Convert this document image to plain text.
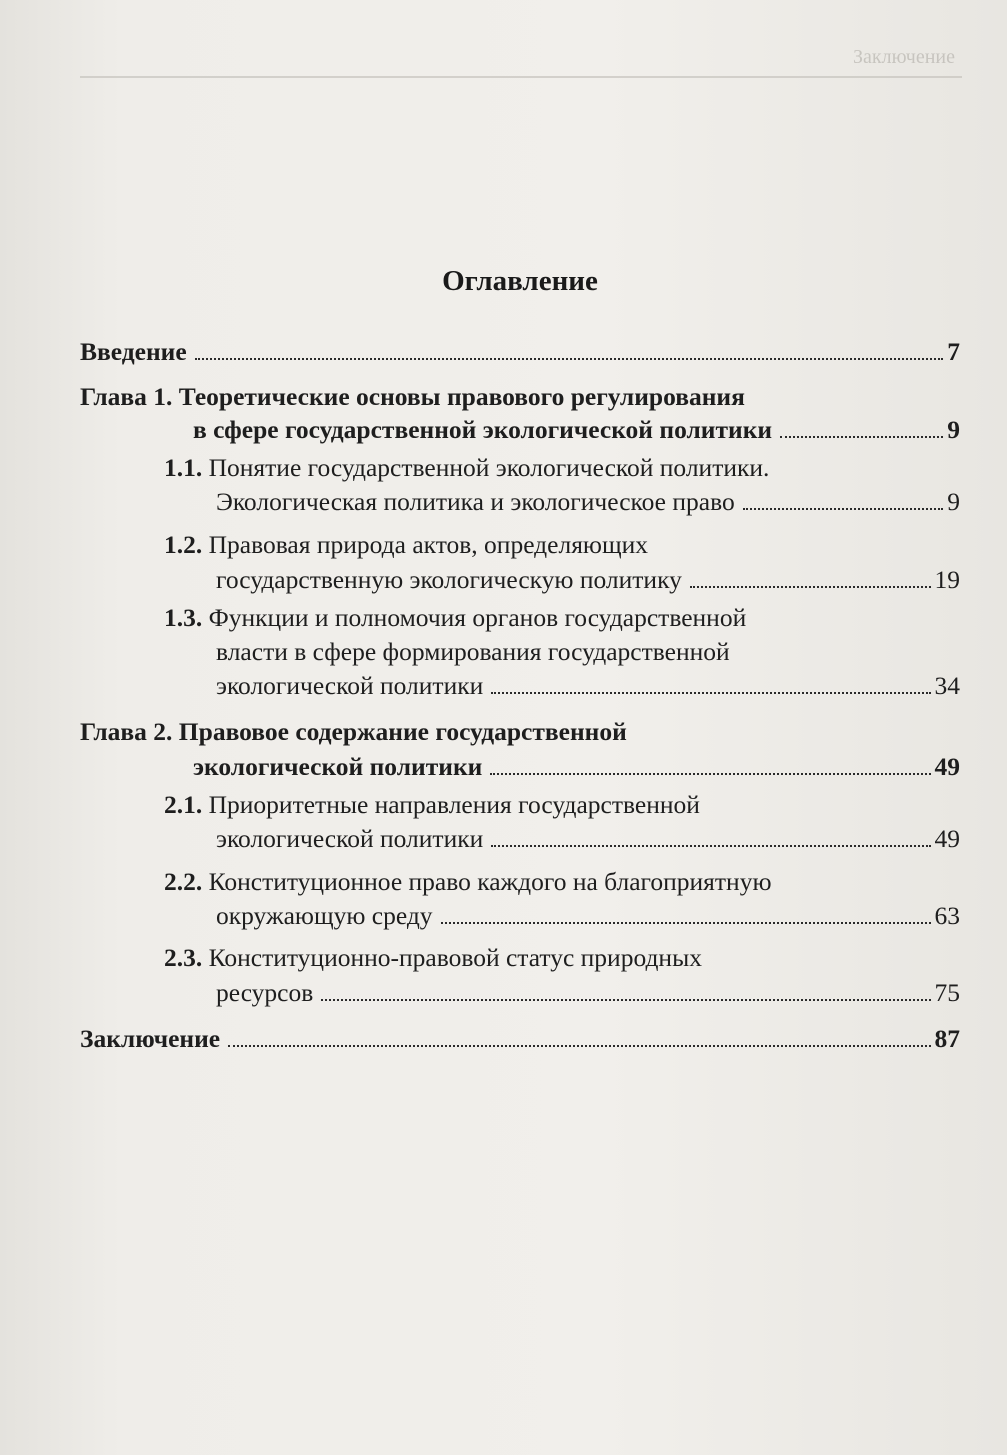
Заключение
Оглавление
Введение	7
Глава 1. Теоретические основы правового регулирования
в сфере государственной экологической политики	9
1.1. Понятие государственной экологической политики.
Экологическая политика и экологическое право	9
1.2. Правовая природа актов, определяющих
государственную экологическую политику	19
1.3. Функции и полномочия органов государственной
власти в сфере формирования государственной
экологической политики	34
Глава 2. Правовое содержание государственной
экологической политики	49
2.1. Приоритетные направления государственной
экологической политики	49
2.2. Конституционное право каждого на благоприятную
окружающую среду	63
2.3. Конституционно-правовой статус природных
ресурсов	75
Заключение	87
